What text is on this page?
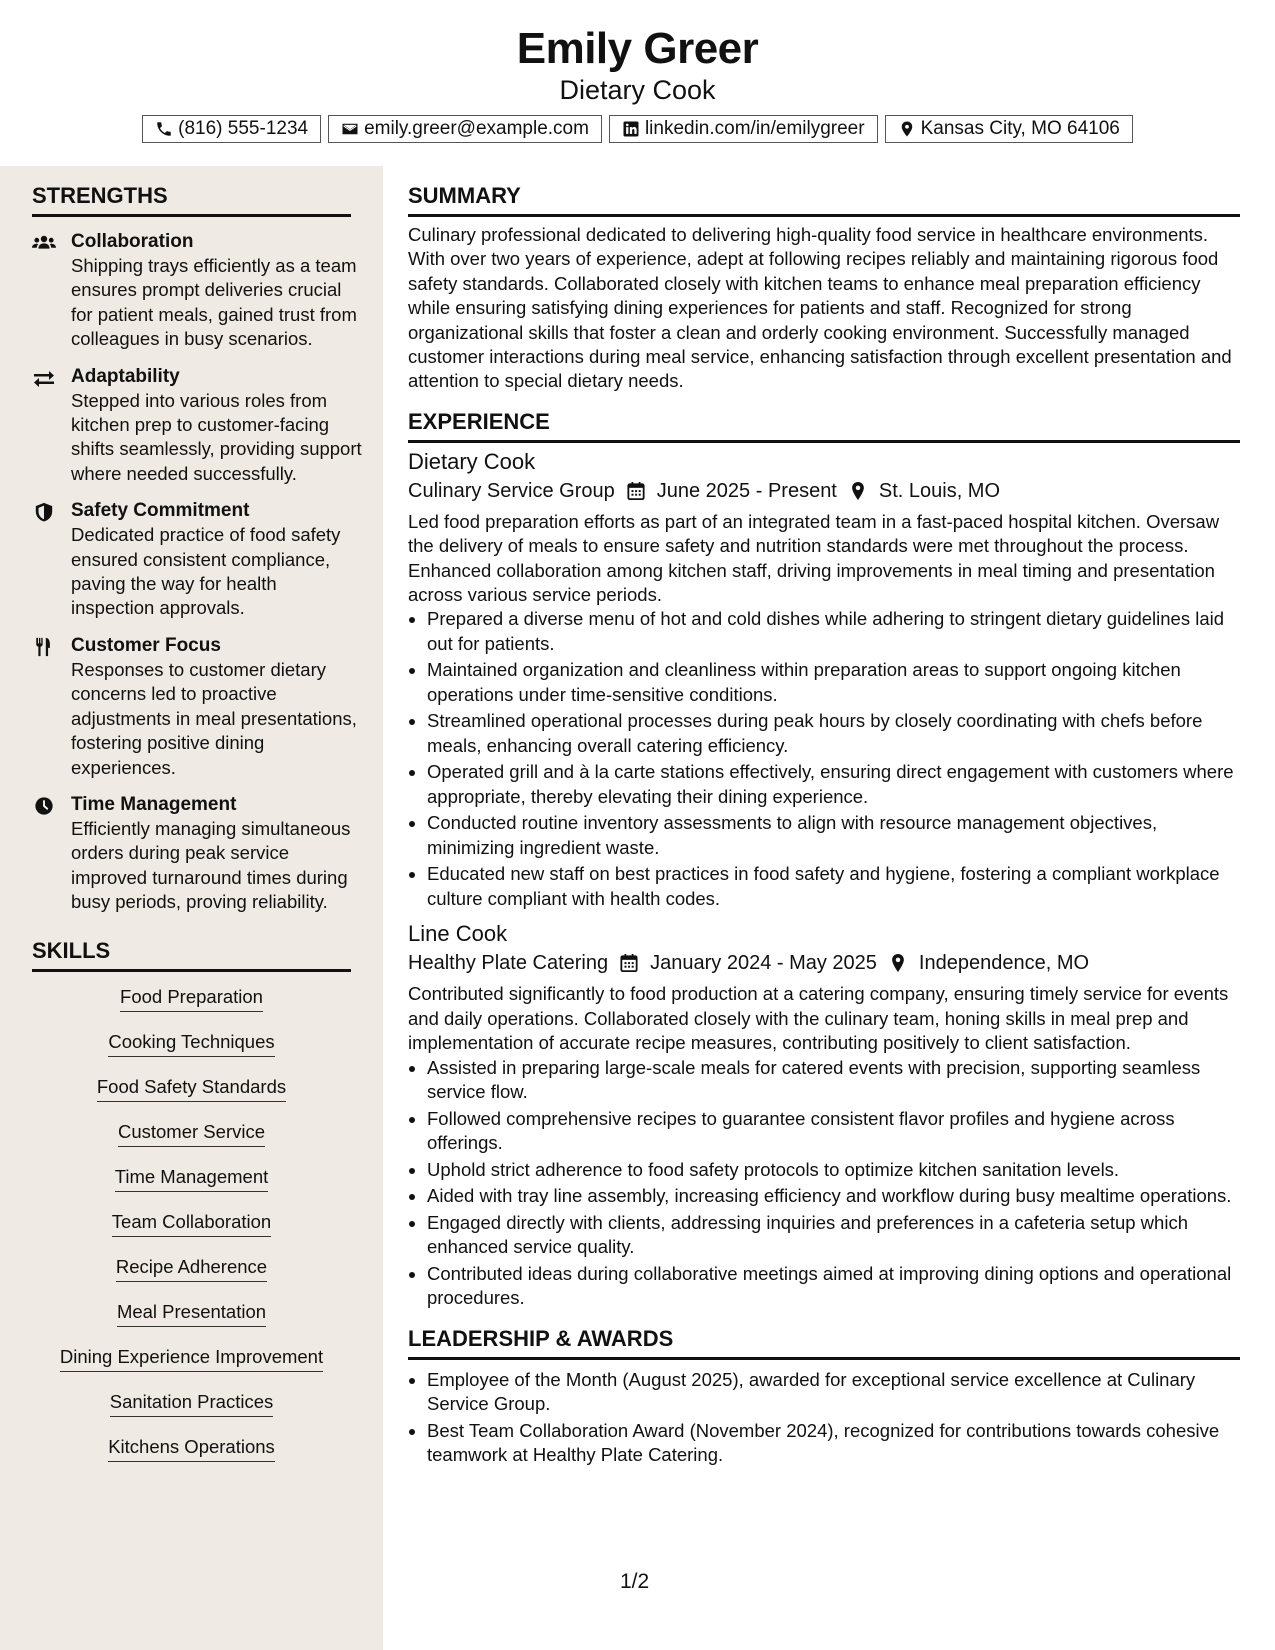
Emily Greer
Dietary Cook
(816) 555-1234	emily.greer@example.com	linkedin.com/in/emilygreer	Kansas City, MO 64106
STRENGTHS
Collaboration
Shipping trays efficiently as a team ensures prompt deliveries crucial for patient meals, gained trust from colleagues in busy scenarios.
Adaptability
Stepped into various roles from kitchen prep to customer-facing shifts seamlessly, providing support where needed successfully.
Safety Commitment
Dedicated practice of food safety ensured consistent compliance, paving the way for health inspection approvals.
Customer Focus
Responses to customer dietary concerns led to proactive adjustments in meal presentations, fostering positive dining experiences.
Time Management
Efficiently managing simultaneous orders during peak service improved turnaround times during busy periods, proving reliability.
SKILLS
Food Preparation
Cooking Techniques
Food Safety Standards
Customer Service
Time Management
Team Collaboration
Recipe Adherence
Meal Presentation
Dining Experience Improvement
Sanitation Practices
Kitchens Operations
SUMMARY

Culinary professional dedicated to delivering high-quality food service in healthcare environments. With over two years of experience, adept at following recipes reliably and maintaining rigorous food safety standards. Collaborated closely with kitchen teams to enhance meal preparation efficiency while ensuring satisfying dining experiences for patients and staff. Recognized for strong organizational skills that foster a clean and orderly cooking environment. Successfully managed customer interactions during meal service, enhancing satisfaction through excellent presentation and attention to special dietary needs.

EXPERIENCE
Dietary Cook
Culinary Service Group June 2025 - Present St. Louis, MO

Led food preparation efforts as part of an integrated team in a fast-paced hospital kitchen. Oversaw the delivery of meals to ensure safety and nutrition standards were met throughout the process. Enhanced collaboration among kitchen staff, driving improvements in meal timing and presentation across various service periods.

• Prepared a diverse menu of hot and cold dishes while adhering to stringent dietary guidelines laid out for patients.
• Maintained organization and cleanliness within preparation areas to support ongoing kitchen operations under time-sensitive conditions.
• Streamlined operational processes during peak hours by closely coordinating with chefs before meals, enhancing overall catering efficiency.
• Operated grill and à la carte stations effectively, ensuring direct engagement with customers where appropriate, thereby elevating their dining experience.
• Conducted routine inventory assessments to align with resource management objectives, minimizing ingredient waste.
• Educated new staff on best practices in food safety and hygiene, fostering a compliant workplace culture compliant with health codes.
Line Cook
Healthy Plate Catering January 2024 - May 2025 Independence, MO

Contributed significantly to food production at a catering company, ensuring timely service for events and daily operations. Collaborated closely with the culinary team, honing skills in meal prep and implementation of accurate recipe measures, contributing positively to client satisfaction.

• Assisted in preparing large-scale meals for catered events with precision, supporting seamless service flow.
• Followed comprehensive recipes to guarantee consistent flavor profiles and hygiene across offerings.
• Uphold strict adherence to food safety protocols to optimize kitchen sanitation levels.
• Aided with tray line assembly, increasing efficiency and workflow during busy mealtime operations.
• Engaged directly with clients, addressing inquiries and preferences in a cafeteria setup which enhanced service quality.
• Contributed ideas during collaborative meetings aimed at improving dining options and operational procedures.
LEADERSHIP & AWARDS
• Employee of the Month (August 2025), awarded for exceptional service excellence at Culinary Service Group.
• Best Team Collaboration Award (November 2024), recognized for contributions towards cohesive teamwork at Healthy Plate Catering.
1/2
